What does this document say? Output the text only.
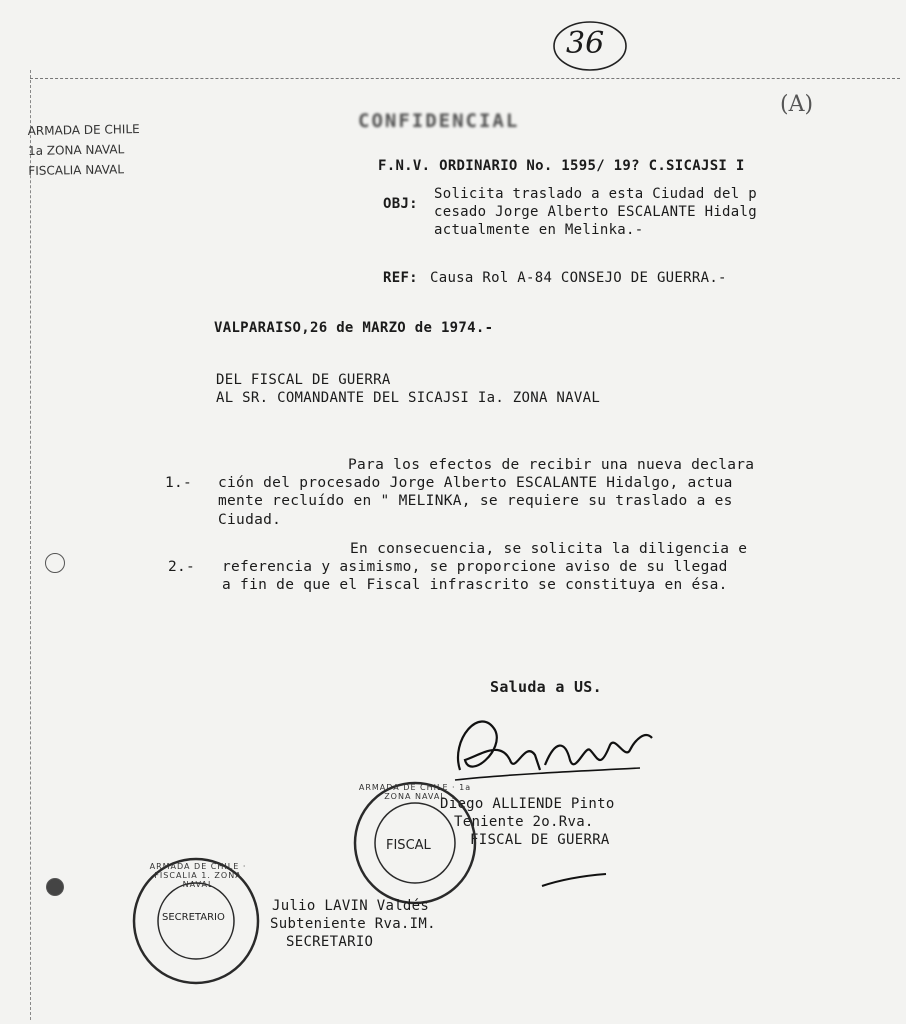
36
(A)
CONFIDENCIAL
ARMADA DE CHILE
1a ZONA NAVAL
FISCALIA NAVAL	F.N.V. ORDINARIO No. 1595/ 19? C.SICAJSI I
OBJ:
Solicita traslado a esta Ciudad del p
cesado Jorge Alberto ESCALANTE Hidalg
actualmente en Melinka.-
REF: Causa Rol A-84 CONSEJO DE GUERRA.-
VALPARAISO,26 de MARZO de 1974.-
DEL FISCAL DE GUERRA
AL SR. COMANDANTE DEL SICAJSI Ia. ZONA NAVAL
1.-
Para los efectos de recibir una nueva declara
ción del procesado Jorge Alberto ESCALANTE Hidalgo, actua
mente recluído en " MELINKA, se requiere su traslado a es
Ciudad.
2.-
En consecuencia, se solicita la diligencia e
referencia y asimismo, se proporcione aviso de su llegad
a fin de que el Fiscal infrascrito se constituya en ésa.
Saluda a US.
Diego ALLIENDE Pinto
Teniente 2o.Rva.
FISCAL DE GUERRA
ARMADA DE CHILE · 1a ZONA NAVAL
FISCAL
ARMADA DE CHILE · FISCALIA 1. ZONA NAVAL
SECRETARIO
Julio LAVIN Valdés
Subteniente Rva.IM.
SECRETARIO
